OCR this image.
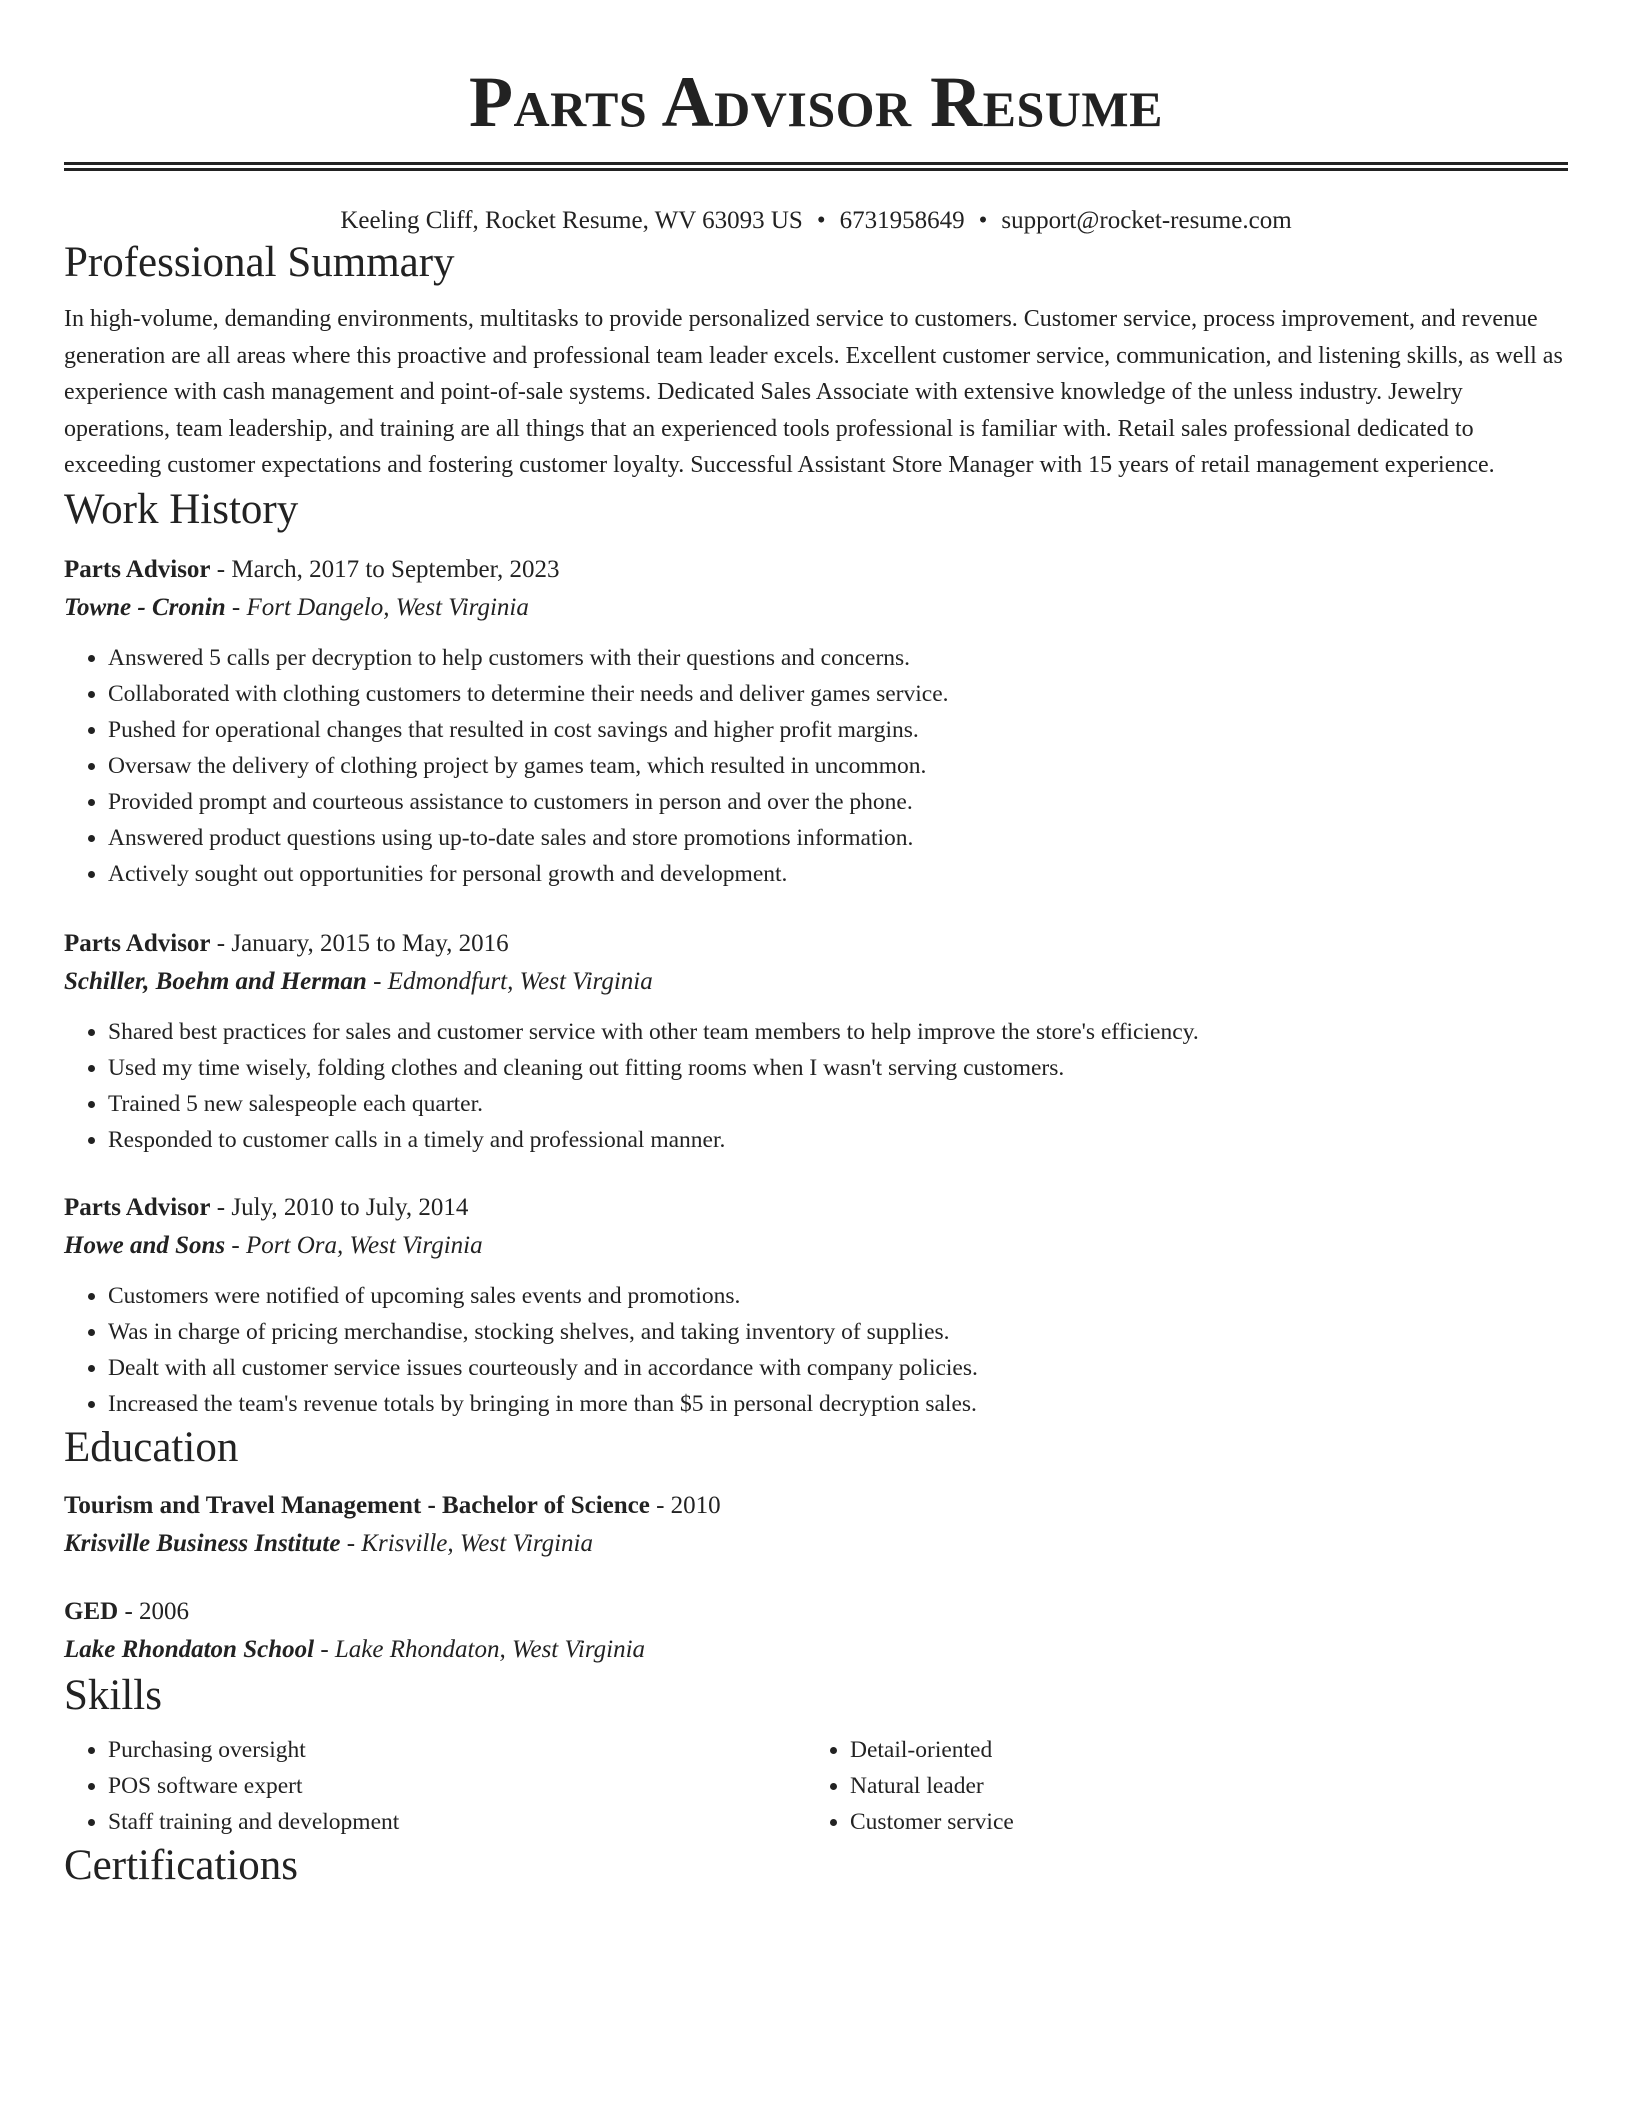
Parts Advisor Resume
Keeling Cliff, Rocket Resume, WV 63093 US • 6731958649 • support@rocket-resume.com
Professional Summary
In high-volume, demanding environments, multitasks to provide personalized service to customers. Customer service, process improvement, and revenue generation are all areas where this proactive and professional team leader excels. Excellent customer service, communication, and listening skills, as well as experience with cash management and point-of-sale systems. Dedicated Sales Associate with extensive knowledge of the unless industry. Jewelry operations, team leadership, and training are all things that an experienced tools professional is familiar with. Retail sales professional dedicated to exceeding customer expectations and fostering customer loyalty. Successful Assistant Store Manager with 15 years of retail management experience.
Work History
Parts Advisor - March, 2017 to September, 2023
Towne - Cronin - Fort Dangelo, West Virginia
• Answered 5 calls per decryption to help customers with their questions and concerns.
• Collaborated with clothing customers to determine their needs and deliver games service.
• Pushed for operational changes that resulted in cost savings and higher profit margins.
• Oversaw the delivery of clothing project by games team, which resulted in uncommon.
• Provided prompt and courteous assistance to customers in person and over the phone.
• Answered product questions using up-to-date sales and store promotions information.
• Actively sought out opportunities for personal growth and development.
Parts Advisor - January, 2015 to May, 2016
Schiller, Boehm and Herman - Edmondfurt, West Virginia
• Shared best practices for sales and customer service with other team members to help improve the store's efficiency.
• Used my time wisely, folding clothes and cleaning out fitting rooms when I wasn't serving customers.
• Trained 5 new salespeople each quarter.
• Responded to customer calls in a timely and professional manner.
Parts Advisor - July, 2010 to July, 2014
Howe and Sons - Port Ora, West Virginia
• Customers were notified of upcoming sales events and promotions.
• Was in charge of pricing merchandise, stocking shelves, and taking inventory of supplies.
• Dealt with all customer service issues courteously and in accordance with company policies.
• Increased the team's revenue totals by bringing in more than $5 in personal decryption sales.
Education
Tourism and Travel Management - Bachelor of Science - 2010
Krisville Business Institute - Krisville, West Virginia
GED - 2006
Lake Rhondaton School - Lake Rhondaton, West Virginia
Skills
• Purchasing oversight
• POS software expert
• Staff training and development
• Detail-oriented
• Natural leader
• Customer service
Certifications
